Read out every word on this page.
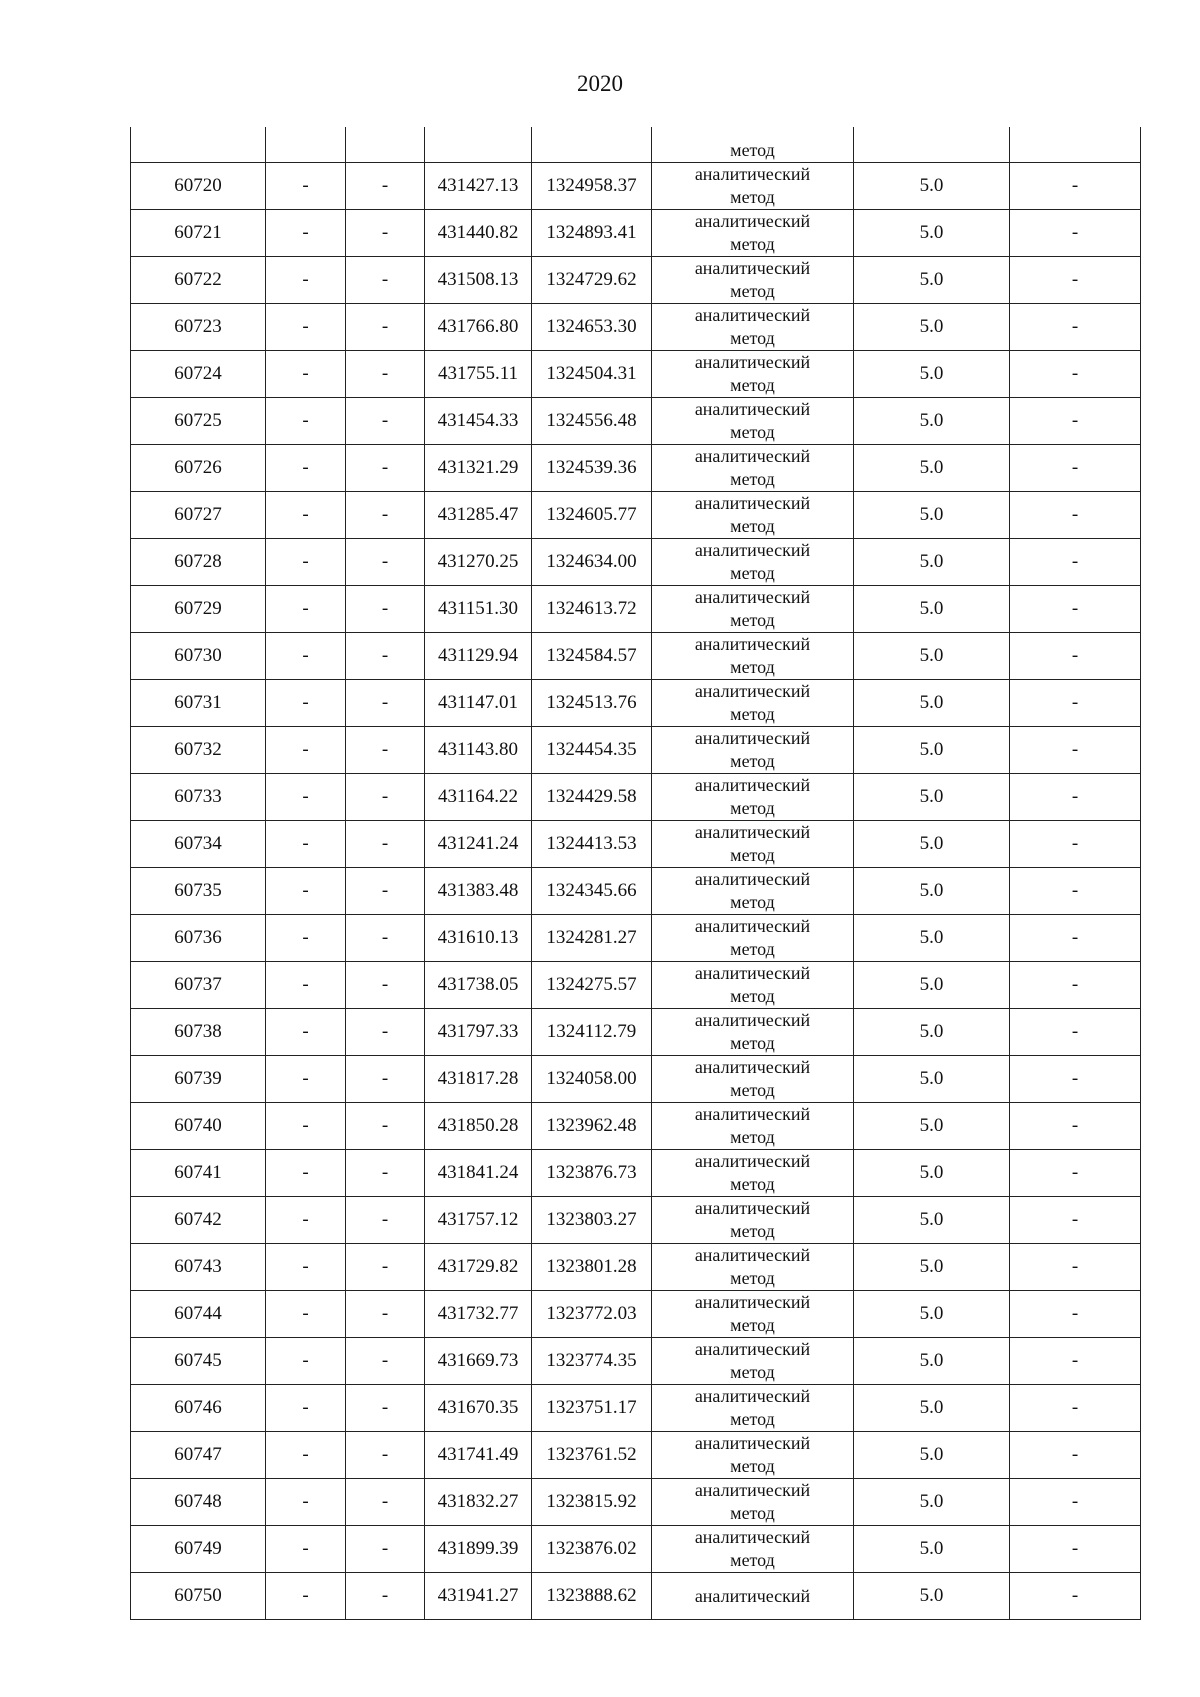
2020
					метод		
60720	-	-	431427.13	1324958.37	аналитический
метод	5.0	-
60721	-	-	431440.82	1324893.41	аналитический
метод	5.0	-
60722	-	-	431508.13	1324729.62	аналитический
метод	5.0	-
60723	-	-	431766.80	1324653.30	аналитический
метод	5.0	-
60724	-	-	431755.11	1324504.31	аналитический
метод	5.0	-
60725	-	-	431454.33	1324556.48	аналитический
метод	5.0	-
60726	-	-	431321.29	1324539.36	аналитический
метод	5.0	-
60727	-	-	431285.47	1324605.77	аналитический
метод	5.0	-
60728	-	-	431270.25	1324634.00	аналитический
метод	5.0	-
60729	-	-	431151.30	1324613.72	аналитический
метод	5.0	-
60730	-	-	431129.94	1324584.57	аналитический
метод	5.0	-
60731	-	-	431147.01	1324513.76	аналитический
метод	5.0	-
60732	-	-	431143.80	1324454.35	аналитический
метод	5.0	-
60733	-	-	431164.22	1324429.58	аналитический
метод	5.0	-
60734	-	-	431241.24	1324413.53	аналитический
метод	5.0	-
60735	-	-	431383.48	1324345.66	аналитический
метод	5.0	-
60736	-	-	431610.13	1324281.27	аналитический
метод	5.0	-
60737	-	-	431738.05	1324275.57	аналитический
метод	5.0	-
60738	-	-	431797.33	1324112.79	аналитический
метод	5.0	-
60739	-	-	431817.28	1324058.00	аналитический
метод	5.0	-
60740	-	-	431850.28	1323962.48	аналитический
метод	5.0	-
60741	-	-	431841.24	1323876.73	аналитический
метод	5.0	-
60742	-	-	431757.12	1323803.27	аналитический
метод	5.0	-
60743	-	-	431729.82	1323801.28	аналитический
метод	5.0	-
60744	-	-	431732.77	1323772.03	аналитический
метод	5.0	-
60745	-	-	431669.73	1323774.35	аналитический
метод	5.0	-
60746	-	-	431670.35	1323751.17	аналитический
метод	5.0	-
60747	-	-	431741.49	1323761.52	аналитический
метод	5.0	-
60748	-	-	431832.27	1323815.92	аналитический
метод	5.0	-
60749	-	-	431899.39	1323876.02	аналитический
метод	5.0	-
60750	-	-	431941.27	1323888.62	аналитический	5.0	-
